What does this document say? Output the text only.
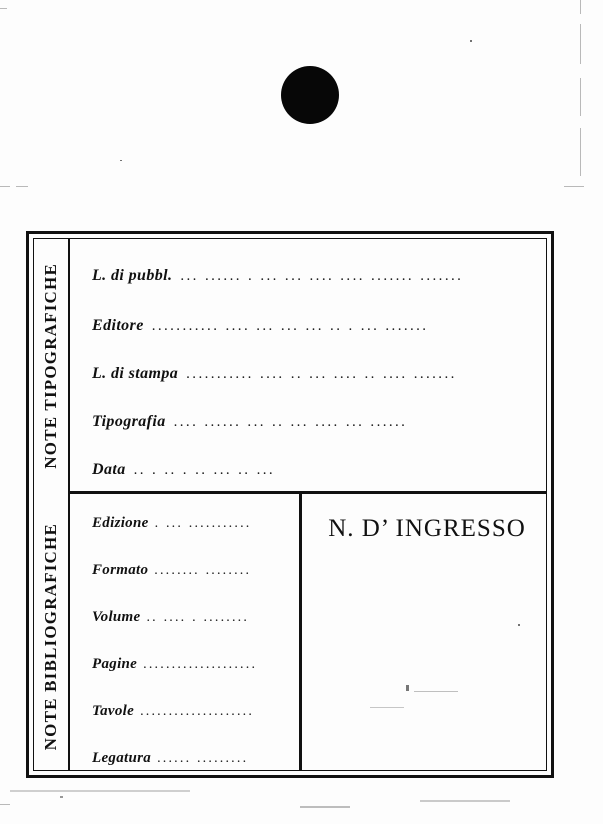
NOTE TIPOGRAFICHE
NOTE BIBLIOGRAFICHE
L. di pubbl. ... ...... . ... ... .... .... ....... .......
Editore ........... .... ... ... ... .. . ... .......
L. di stampa ........... .... .. ... .... .. .... .......
Tipografia .... ...... ... .. ... .... ... ......
Data .. . .. . .. ... .. ...
Edizione . ... ...........
Formato ........ ........
Volume .. .... . ........
Pagine ....................
Tavole ....................
Legatura ...... .........
N. D’ INGRESSO
